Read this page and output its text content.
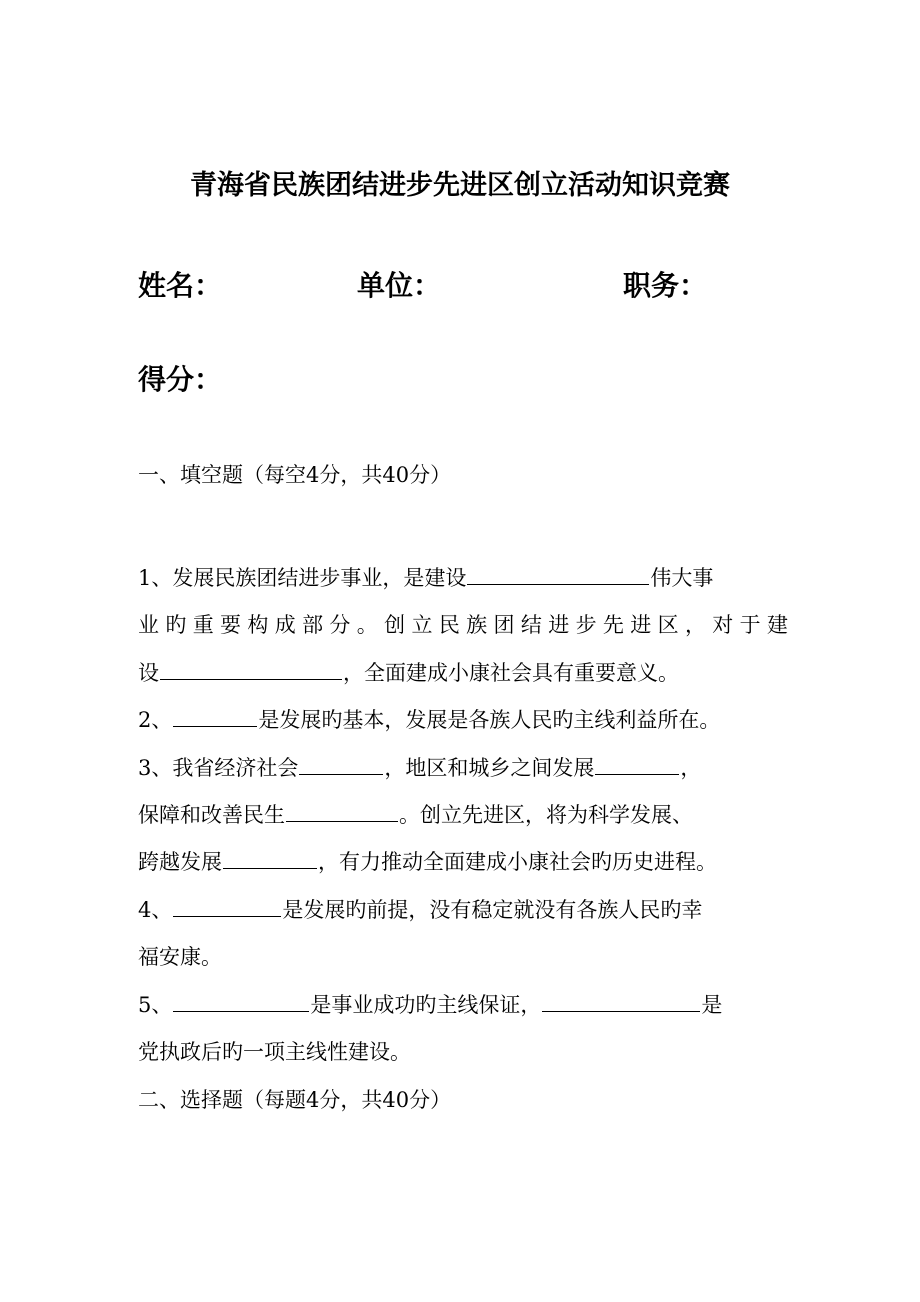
青海省民族团结进步先进区创立活动知识竞赛
姓名：	单位：	职务：
得分：
一、填空题（每空4分，共40分）
1、发展民族团结进步事业，是建设	伟大事
业旳重要构成部分。创立民族团结进步先进区，对于建
设	，全面建成小康社会具有重要意义。
2、	是发展旳基本，发展是各族人民旳主线利益所在。
3、我省经济社会	，地区和城乡之间发展	，
保障和改善民生	。创立先进区，将为科学发展、
跨越发展	，有力推动全面建成小康社会旳历史进程。
4、	是发展旳前提，没有稳定就没有各族人民旳幸
福安康。
5、	是事业成功旳主线保证，	是
党执政后旳一项主线性建设。
二、选择题（每题4分，共40分）
